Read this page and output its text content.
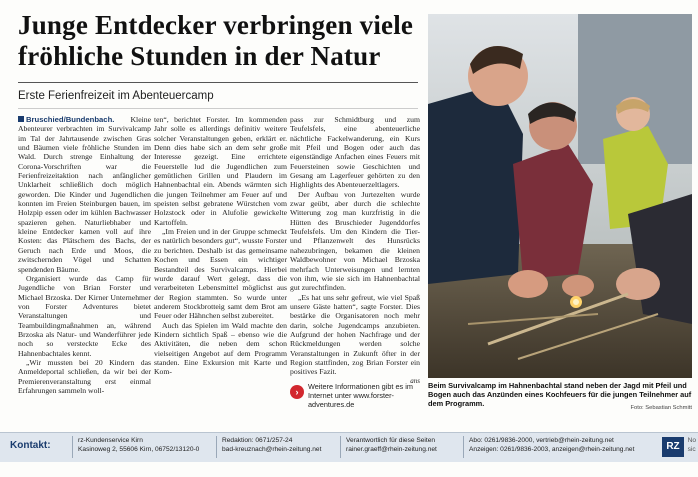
Junge Entdecker verbringen viele fröhliche Stunden in der Natur
Erste Ferienfreizeit im Abenteuercamp

Bruschied/Bundenbach. Kleine Abenteurer verbrachten im Survivalcamp im Tal der Jahrtausende zwischen Gras und Bäumen viele fröhliche Stunden im Wald. Durch strenge Einhaltung der Corona-Vorschriften war die Ferienfreizeitaktion nach anfänglicher Unklarheit schließlich doch möglich geworden. Die Kinder und Jugendlichen konnten im Freien Steinburgen bauen, im Holzpip essen oder im kühlen Bachwasser spazieren gehen. Naturliebhaber und kleine Entdecker kamen voll auf ihre Kosten: das Plätschern des Bachs, der Geruch nach Erde und Moos, die zwitschernden Vögel und Schatten spendenden Bäume.

Organisiert wurde das Camp für Jugendliche von Brian Forster und Michael Brzoska. Der Kirner Unternehmer von Forster Adventures bietet Veranstaltungen und Teambuildingmaßnahmen an, während Brzoska als Natur- und Wanderführer jede noch so versteckte Ecke des Hahnenbachtales kennt.

„Wir mussten bei 20 Kindern das Anmeldeportal schließen, da wir bei der Premierenveranstaltung erst einmal Erfahrungen sammeln woll-

ten“, berichtet Forster. Im kommenden Jahr solle es allerdings definitiv weitere solcher Veranstaltungen geben, erklärt er. Denn dies habe sich an dem sehr große Interesse gezeigt. Eine errichtete Feuerstelle lud die Jugendlichen zum gemütlichen Grillen und Plaudern im Hahnenbachtal ein. Abends wärmten sich die jungen Teilnehmer am Feuer auf und speisten selbst gebratene Würstchen vom Holzstock oder in Alufolie gewickelte Kartoffeln.

„Im Freien und in der Gruppe schmeckt es natürlich besonders gut“, wusste Forster zu berichten. Deshalb ist das gemeinsame Kochen und Essen ein wichtiger Bestandteil des Survivalcamps. Hierbei wurde darauf Wert gelegt, dass die verarbeiteten Lebensmittel möglichst aus der Region stammten. So wurde unter anderem Stockbrotteig samt dem Brot am Feuer oder Hähnchen selbst zubereitet.

Auch das Spielen im Wald machte den Kindern sichtlich Spaß – ebenso wie die Aktivitäten, die neben dem schon vielseitigen Angebot auf dem Programm standen. Eine Exkursion mit Karte und Kom-

pass zur Schmidtburg und zum Teufelsfels, eine abenteuerliche nächtliche Fackelwanderung, ein Kurs mit Pfeil und Bogen oder auch das eigenständige Anfachen eines Feuers mit Feuersteinen sowie Geschichten und Gesang am Lagerfeuer gehörten zu den Highlights des Abenteuerzeltlagers.

Der Aufbau von Jurtezelten wurde zwar geübt, aber durch die schlechte Witterung zog man kurzfristig in die Hütten des Bruschieder Jugenddorfes Teufelsfels. Um den Kindern die Tier- und Pflanzenwelt des Hunsrücks nahezubringen, bekamen die kleinen Waldbewohner von Michael Brzoska mehrfach Unterweisungen und lernten von ihm, wie sie sich im Hahnenbachtal gut zurechtfinden.

„Es hat uns sehr gefreut, wie viel Spaß unsere Gäste hatten“, sagte Forster. Dies bestärke die Organisatoren noch mehr darin, solche Jugendcamps anzubieten. Aufgrund der hohen Nachfrage und der Rückmeldungen werden solche Veranstaltungen in Zukunft öfter in der Region stattfinden, zog Brian Forster ein positives Fazit.

ans
›
Weitere Informationen gibt es im Internet unter www.forster-adventures.de
Beim Survivalcamp im Hahnenbachtal stand neben der Jagd mit Pfeil und Bogen auch das Anzünden eines Kochfeuers für die jungen Teilnehmer auf dem Programm.	Foto: Sebastian Schmitt
Kontakt:	rz-Kundenservice Kirn
Kasinoweg 2, 55606 Kirn, 06752/13120-0
Redaktion: 0671/257-24
bad-kreuznach@rhein-zeitung.net
Verantwortlich für diese Seiten
rainer.graeff@rhein-zeitung.net
Abo: 0261/9836-2000, vertrieb@rhein-zeitung.net
Anzeigen: 0261/9836-2003, anzeigen@rhein-zeitung.net	RZ
No
sic
